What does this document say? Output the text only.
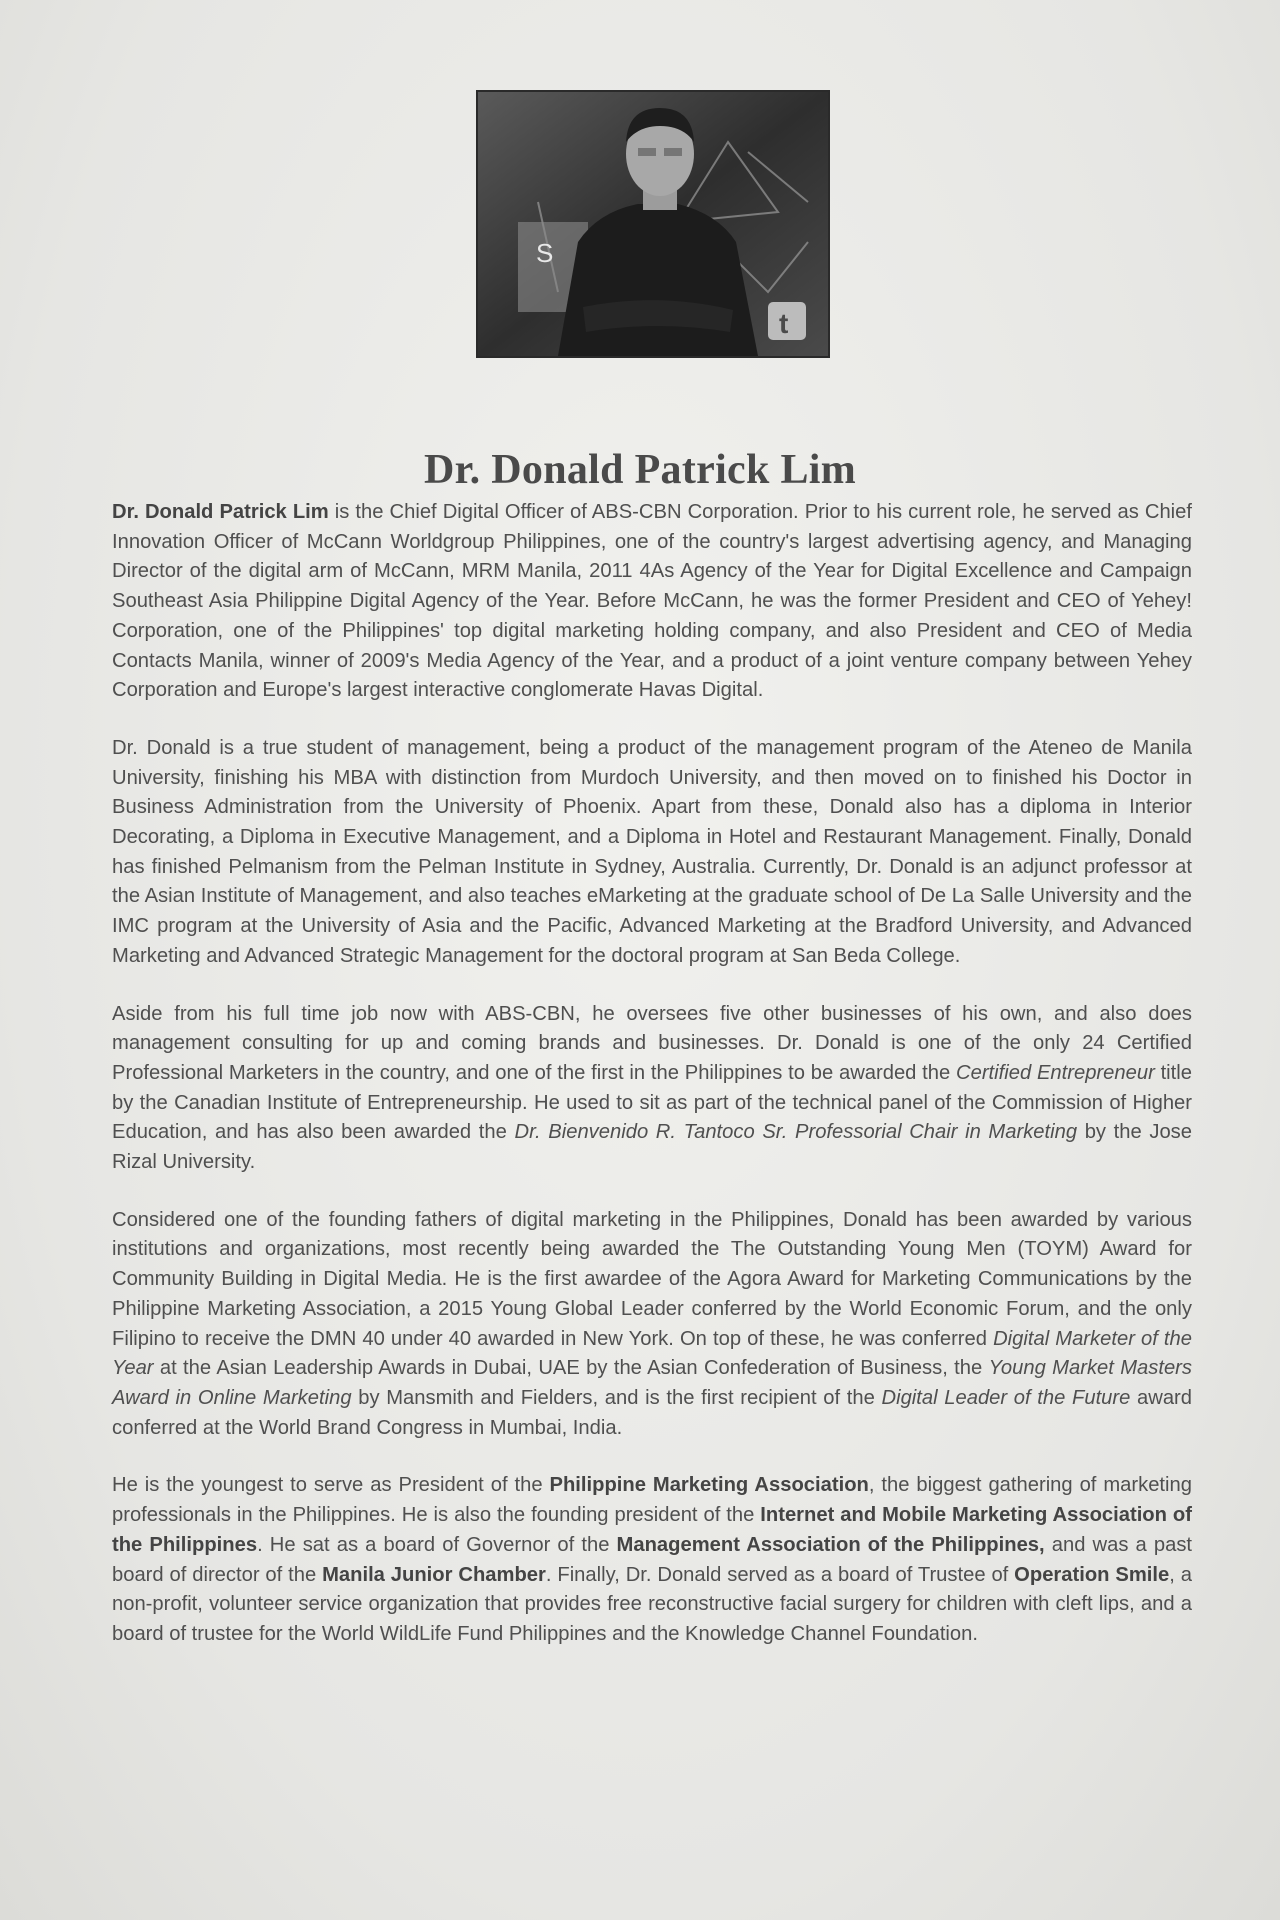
S
t
Dr. Donald Patrick Lim

Dr. Donald Patrick Lim is the Chief Digital Officer of ABS-CBN Corporation. Prior to his current role, he served as Chief Innovation Officer of McCann Worldgroup Philippines, one of the country's largest advertising agency, and Managing Director of the digital arm of McCann, MRM Manila, 2011 4As Agency of the Year for Digital Excellence and Campaign Southeast Asia Philippine Digital Agency of the Year. Before McCann, he was the former President and CEO of Yehey! Corporation, one of the Philippines' top digital marketing holding company, and also President and CEO of Media Contacts Manila, winner of 2009's Media Agency of the Year, and a product of a joint venture company between Yehey Corporation and Europe's largest interactive conglomerate Havas Digital.

Dr. Donald is a true student of management, being a product of the management program of the Ateneo de Manila University, finishing his MBA with distinction from Murdoch University, and then moved on to finished his Doctor in Business Administration from the University of Phoenix. Apart from these, Donald also has a diploma in Interior Decorating, a Diploma in Executive Management, and a Diploma in Hotel and Restaurant Management. Finally, Donald has finished Pelmanism from the Pelman Institute in Sydney, Australia. Currently, Dr. Donald is an adjunct professor at the Asian Institute of Management, and also teaches eMarketing at the graduate school of De La Salle University and the IMC program at the University of Asia and the Pacific, Advanced Marketing at the Bradford University, and Advanced Marketing and Advanced Strategic Management for the doctoral program at San Beda College.

Aside from his full time job now with ABS-CBN, he oversees five other businesses of his own, and also does management consulting for up and coming brands and businesses. Dr. Donald is one of the only 24 Certified Professional Marketers in the country, and one of the first in the Philippines to be awarded the Certified Entrepreneur title by the Canadian Institute of Entrepreneurship. He used to sit as part of the technical panel of the Commission of Higher Education, and has also been awarded the Dr. Bienvenido R. Tantoco Sr. Professorial Chair in Marketing by the Jose Rizal University.

Considered one of the founding fathers of digital marketing in the Philippines, Donald has been awarded by various institutions and organizations, most recently being awarded the The Outstanding Young Men (TOYM) Award for Community Building in Digital Media. He is the first awardee of the Agora Award for Marketing Communications by the Philippine Marketing Association, a 2015 Young Global Leader conferred by the World Economic Forum, and the only Filipino to receive the DMN 40 under 40 awarded in New York. On top of these, he was conferred Digital Marketer of the Year at the Asian Leadership Awards in Dubai, UAE by the Asian Confederation of Business, the Young Market Masters Award in Online Marketing by Mansmith and Fielders, and is the first recipient of the Digital Leader of the Future award conferred at the World Brand Congress in Mumbai, India.

He is the youngest to serve as President of the Philippine Marketing Association, the biggest gathering of marketing professionals in the Philippines. He is also the founding president of the Internet and Mobile Marketing Association of the Philippines. He sat as a board of Governor of the Management Association of the Philippines, and was a past board of director of the Manila Junior Chamber. Finally, Dr. Donald served as a board of Trustee of Operation Smile, a non-profit, volunteer service organization that provides free reconstructive facial surgery for children with cleft lips, and a board of trustee for the World WildLife Fund Philippines and the Knowledge Channel Foundation.
